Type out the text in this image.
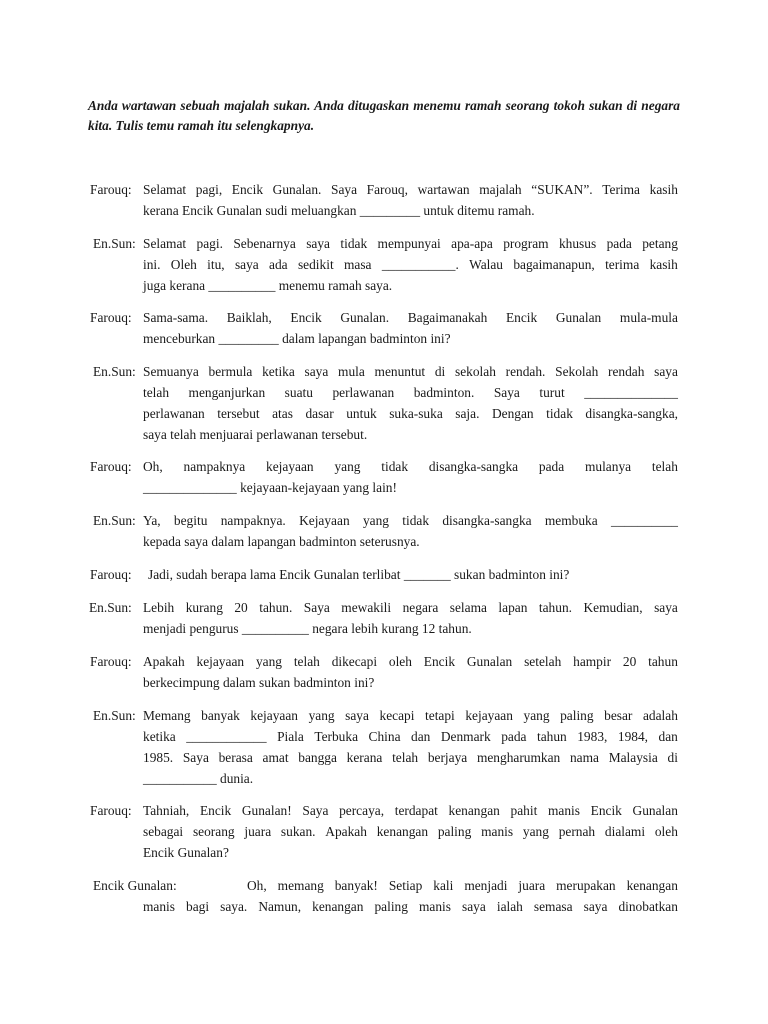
Anda wartawan sebuah majalah sukan. Anda ditugaskan menemu ramah seorang tokoh sukan di negara kita. Tulis temu ramah itu selengkapnya.
Farouq: Selamat pagi, Encik Gunalan. Saya Farouq, wartawan majalah “SUKAN”. Terima kasih
kerana Encik Gunalan sudi meluangkan _________ untuk ditemu ramah.
En.Sun: Selamat pagi. Sebenarnya saya tidak mempunyai apa-apa program khusus pada petang
ini. Oleh itu, saya ada sedikit masa ___________. Walau bagaimanapun, terima kasih
juga kerana __________ menemu ramah saya.
Farouq: Sama-sama. Baiklah, Encik Gunalan. Bagaimanakah Encik Gunalan mula-mula
menceburkan _________ dalam lapangan badminton ini?
En.Sun: Semuanya bermula ketika saya mula menuntut di sekolah rendah. Sekolah rendah saya
telah menganjurkan suatu perlawanan badminton. Saya turut ______________
perlawanan tersebut atas dasar untuk suka-suka saja. Dengan tidak disangka-sangka,
saya telah menjuarai perlawanan tersebut.
Farouq: Oh, nampaknya kejayaan yang tidak disangka-sangka pada mulanya telah
______________ kejayaan-kejayaan yang lain!
En.Sun: Ya, begitu nampaknya. Kejayaan yang tidak disangka-sangka membuka __________
kepada saya dalam lapangan badminton seterusnya.
Farouq: Jadi, sudah berapa lama Encik Gunalan terlibat _______ sukan badminton ini?
En.Sun: Lebih kurang 20 tahun. Saya mewakili negara selama lapan tahun. Kemudian, saya
menjadi pengurus __________ negara lebih kurang 12 tahun.
Farouq: Apakah kejayaan yang telah dikecapi oleh Encik Gunalan setelah hampir 20 tahun
berkecimpung dalam sukan badminton ini?
En.Sun: Memang banyak kejayaan yang saya kecapi tetapi kejayaan yang paling besar adalah
ketika ____________ Piala Terbuka China dan Denmark pada tahun 1983, 1984, dan
1985. Saya berasa amat bangga kerana telah berjaya mengharumkan nama Malaysia di
___________ dunia.
Farouq: Tahniah, Encik Gunalan! Saya percaya, terdapat kenangan pahit manis Encik Gunalan
sebagai seorang juara sukan. Apakah kenangan paling manis yang pernah dialami oleh
Encik Gunalan?
Encik Gunalan:	Oh, memang banyak! Setiap kali menjadi juara merupakan kenangan
manis bagi saya. Namun, kenangan paling manis saya ialah semasa saya dinobatkan
